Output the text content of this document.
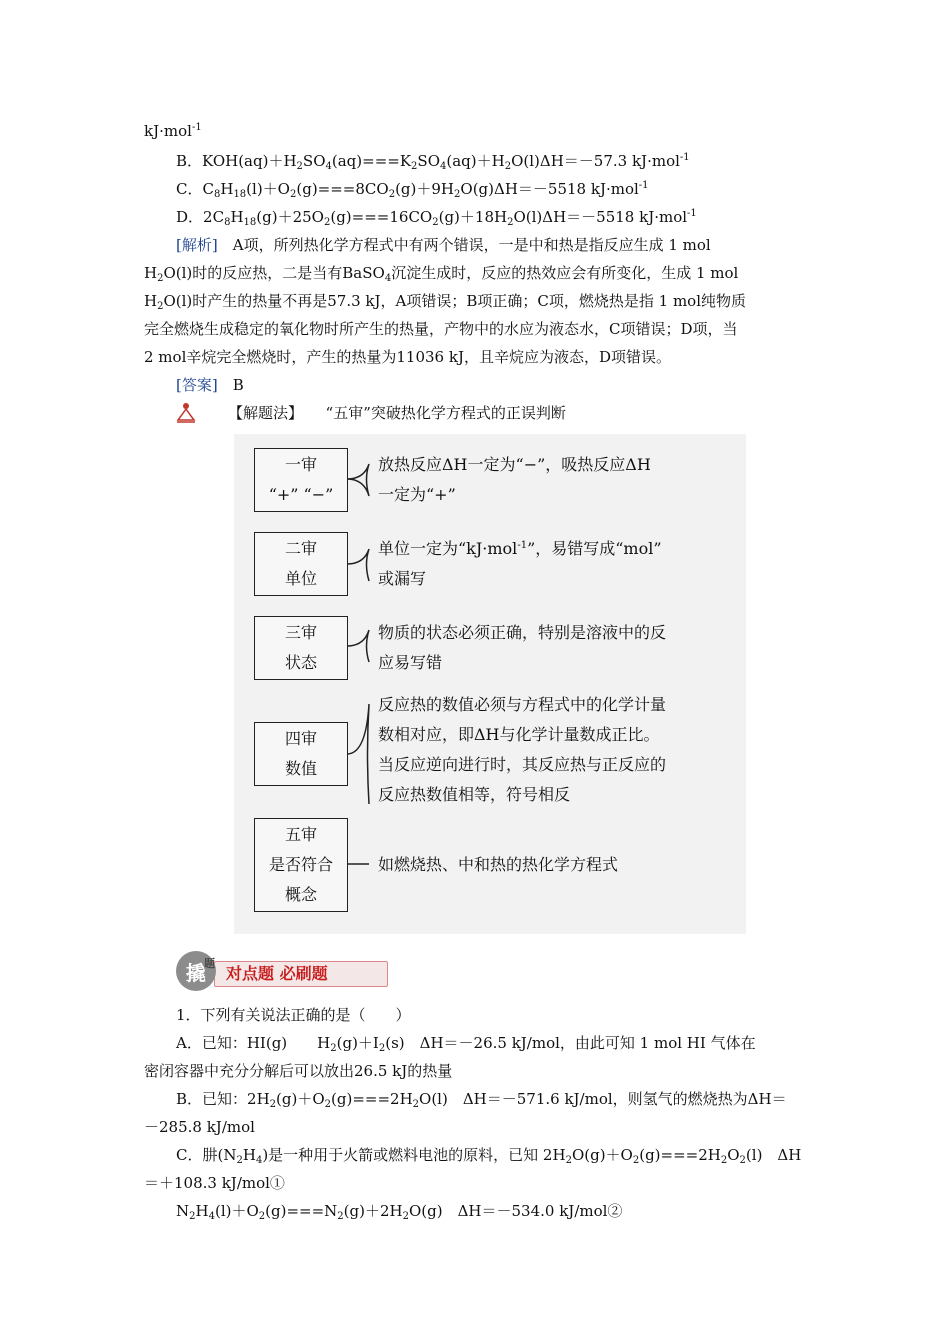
kJ·mol$^{-1}$
B．$KOH(aq)+H_2SO_4(aq)===K_2SO_4(aq)+H_2O(l)\Delta H=-57.3$ kJ·mol$^{-1}$
C．$C_8H_{18}(l)+O_2(g)===8CO_2(g)+9H_2O(g)\Delta H=-5518$ kJ·mol$^{-1}$
D．$2C_8H_{18}(g)+25O_2(g)===16CO_2(g)+18H_2O(l)\Delta H=-5518$ kJ·mol$^{-1}$
[解析]　 A项，所列热化学方程式中有两个错误，一是中和热是指反应生成 1 mol
$H_2O(l)$时的反应热，二是当有BaSO$_4$沉淀生成时，反应的热效应会有所变化，生成 1 mol
$H_2O(l)$时产生的热量不再是57.3 kJ，A项错误；B项正确；C项，燃烧热是指 1 mol纯物质
完全燃烧生成稳定的氧化物时所产生的热量，产物中的水应为液态水，C项错误；D项，当
2 mol辛烷完全燃烧时，产生的热量为11036 kJ，且辛烷应为液态，D项错误。
[答案]　 B
【解题法】　　 “五审”突破热化学方程式的正误判断
一审
“+” “−”
放热反应ΔH一定为“−”，吸热反应ΔH
一定为“+”
二审
单位
单位一定为“kJ·mol$^{-1}$”，易错写成“mol”
或漏写
三审
状态
物质的状态必须正确，特别是溶液中的反
应易写错
四审
数值
反应热的数值必须与方程式中的化学计量
数相对应，即ΔH与化学计量数成正比。
当反应逆向进行时，其反应热与正反应的
反应热数值相等，符号相反
五审
是否符合
概念
如燃烧热、中和热的热化学方程式
撬
题
对点题 必刷题
1．下列有关说法正确的是（　　）
A．已知：HI(g)　　$H_2(g)+I_2(s)$　ΔH＝－26.5 kJ/mol，由此可知 1 mol HI 气体在
密闭容器中充分分解后可以放出26.5 kJ的热量
B．已知：$2H_2(g)+O_2(g)===2H_2O(l)$　ΔH＝－571.6 kJ/mol，则氢气的燃烧热为ΔH＝
－285.8 kJ/mol
C．肼$(N_2H_4)$是一种用于火箭或燃料电池的原料，已知 $2H_2O(g)+O_2(g)===2H_2O_2(l)$　ΔH
＝＋108.3 kJ/mol①
$N_2H_4(l)+O_2(g)===N_2(g)+2H_2O(g)$　ΔH＝－534.0 kJ/mol②
